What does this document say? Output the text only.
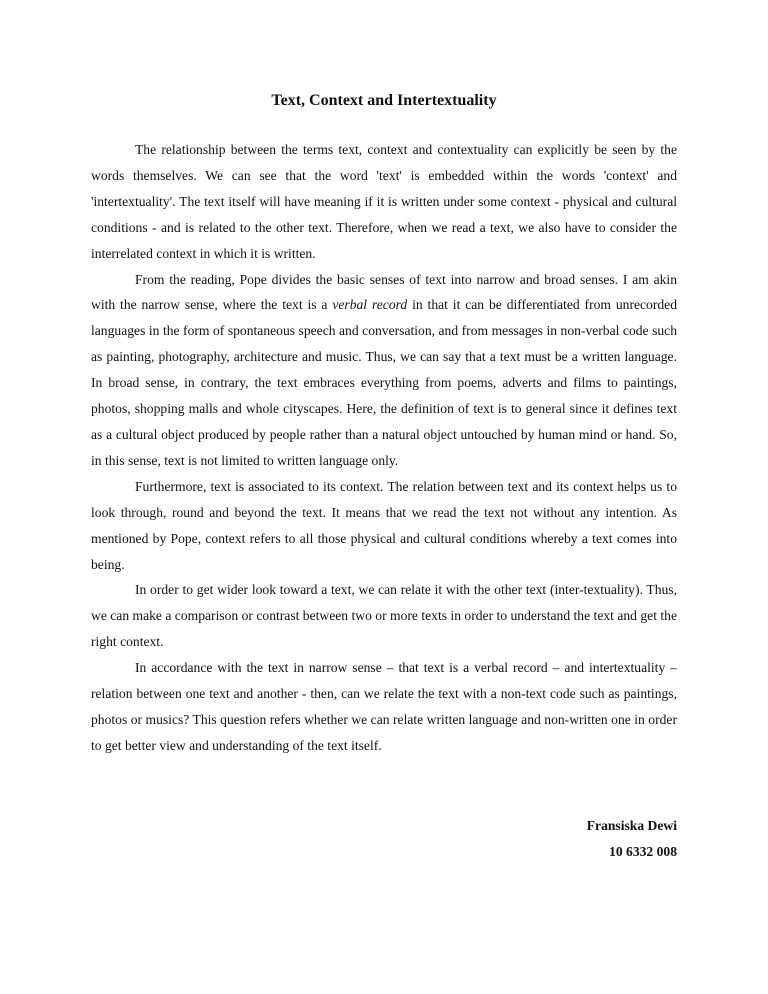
Text, Context and Intertextuality

The relationship between the terms text, context and contextuality can explicitly be seen by the words themselves. We can see that the word 'text' is embedded within the words 'context' and 'intertextuality'. The text itself will have meaning if it is written under some context - physical and cultural conditions - and is related to the other text. Therefore, when we read a text, we also have to consider the interrelated context in which it is written.

From the reading, Pope divides the basic senses of text into narrow and broad senses. I am akin with the narrow sense, where the text is a verbal record in that it can be differentiated from unrecorded languages in the form of spontaneous speech and conversation, and from messages in non-verbal code such as painting, photography, architecture and music. Thus, we can say that a text must be a written language. In broad sense, in contrary, the text embraces everything from poems, adverts and films to paintings, photos, shopping malls and whole cityscapes. Here, the definition of text is to general since it defines text as a cultural object produced by people rather than a natural object untouched by human mind or hand. So, in this sense, text is not limited to written language only.

Furthermore, text is associated to its context. The relation between text and its context helps us to look through, round and beyond the text. It means that we read the text not without any intention. As mentioned by Pope, context refers to all those physical and cultural conditions whereby a text comes into being.

In order to get wider look toward a text, we can relate it with the other text (inter-textuality). Thus, we can make a comparison or contrast between two or more texts in order to understand the text and get the right context.

In accordance with the text in narrow sense – that text is a verbal record – and intertextuality – relation between one text and another - then, can we relate the text with a non-text code such as paintings, photos or musics? This question refers whether we can relate written language and non-written one in order to get better view and understanding of the text itself.

Fransiska Dewi
10 6332 008
